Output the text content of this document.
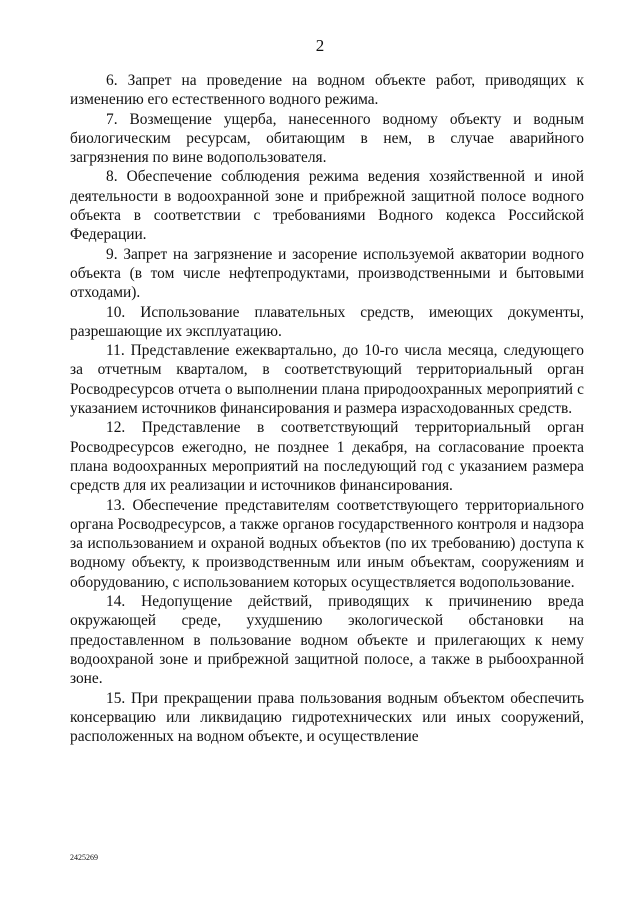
2

6. Запрет на проведение на водном объекте работ, приводящих к изменению его естественного водного режима.

7. Возмещение ущерба, нанесенного водному объекту и водным биологическим ресурсам, обитающим в нем, в случае аварийного загрязнения по вине водопользователя.

8. Обеспечение соблюдения режима ведения хозяйственной и иной деятельности в водоохранной зоне и прибрежной защитной полосе водного объекта в соответствии с требованиями Водного кодекса Российской Федерации.

9. Запрет на загрязнение и засорение используемой акватории водного объекта (в том числе нефтепродуктами, производственными и бытовыми отходами).

10. Использование плавательных средств, имеющих документы, разрешающие их эксплуатацию.

11. Представление ежеквартально, до 10-го числа месяца, следующего за отчетным кварталом, в соответствующий территориальный орган Росводресурсов отчета о выполнении плана природоохранных мероприятий с указанием источников финансирования и размера израсходованных средств.

12. Представление в соответствующий территориальный орган Росводресурсов ежегодно, не позднее 1 декабря, на согласование проекта плана водоохранных мероприятий на последующий год с указанием размера средств для их реализации и источников финансирования.

13. Обеспечение представителям соответствующего территориального органа Росводресурсов, а также органов государственного контроля и надзора за использованием и охраной водных объектов (по их требованию) доступа к водному объекту, к производственным или иным объектам, сооружениям и оборудованию, с использованием которых осуществляется водопользование.

14. Недопущение действий, приводящих к причинению вреда окружающей среде, ухудшению экологической обстановки на предоставленном в пользование водном объекте и прилегающих к нему водоохраной зоне и прибрежной защитной полосе, а также в рыбоохранной зоне.

15. При прекращении права пользования водным объектом обеспечить консервацию или ликвидацию гидротехнических или иных сооружений, расположенных на водном объекте, и осуществление

2425269
